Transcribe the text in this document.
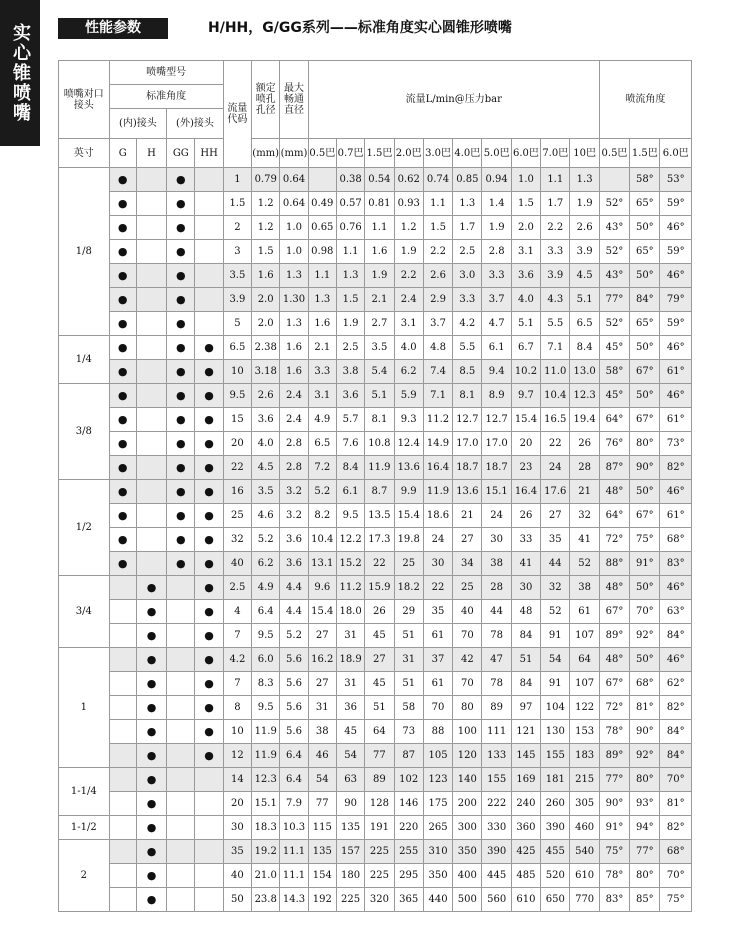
实心锥喷嘴	性能参数	H/HH，G/GG系列——标准角度实心圆锥形喷嘴
喷嘴对口接头	喷嘴型号				流量代码	额定喷孔孔径	最大畅通直径	流量L/min@压力bar										喷流角度		
	标准角度																			
	(内)接头		(外)接头																	
英寸	G	H	GG	HH		(mm)	(mm)	0.5巴	0.7巴	1.5巴	2.0巴	3.0巴	4.0巴	5.0巴	6.0巴	7.0巴	10巴	0.5巴	1.5巴	6.0巴
1/8	●		●		1	0.79	0.64		0.38	0.54	0.62	0.74	0.85	0.94	1.0	1.1	1.3		58°	53°
	●		●		1.5	1.2	0.64	0.49	0.57	0.81	0.93	1.1	1.3	1.4	1.5	1.7	1.9	52°	65°	59°
	●		●		2	1.2	1.0	0.65	0.76	1.1	1.2	1.5	1.7	1.9	2.0	2.2	2.6	43°	50°	46°
	●		●		3	1.5	1.0	0.98	1.1	1.6	1.9	2.2	2.5	2.8	3.1	3.3	3.9	52°	65°	59°
	●		●		3.5	1.6	1.3	1.1	1.3	1.9	2.2	2.6	3.0	3.3	3.6	3.9	4.5	43°	50°	46°
	●		●		3.9	2.0	1.30	1.3	1.5	2.1	2.4	2.9	3.3	3.7	4.0	4.3	5.1	77°	84°	79°
	●		●		5	2.0	1.3	1.6	1.9	2.7	3.1	3.7	4.2	4.7	5.1	5.5	6.5	52°	65°	59°
1/4	●		●	●	6.5	2.38	1.6	2.1	2.5	3.5	4.0	4.8	5.5	6.1	6.7	7.1	8.4	45°	50°	46°
	●		●	●	10	3.18	1.6	3.3	3.8	5.4	6.2	7.4	8.5	9.4	10.2	11.0	13.0	58°	67°	61°
3/8	●		●	●	9.5	2.6	2.4	3.1	3.6	5.1	5.9	7.1	8.1	8.9	9.7	10.4	12.3	45°	50°	46°
	●		●	●	15	3.6	2.4	4.9	5.7	8.1	9.3	11.2	12.7	12.7	15.4	16.5	19.4	64°	67°	61°
	●		●	●	20	4.0	2.8	6.5	7.6	10.8	12.4	14.9	17.0	17.0	20	22	26	76°	80°	73°
	●		●	●	22	4.5	2.8	7.2	8.4	11.9	13.6	16.4	18.7	18.7	23	24	28	87°	90°	82°
1/2	●		●	●	16	3.5	3.2	5.2	6.1	8.7	9.9	11.9	13.6	15.1	16.4	17.6	21	48°	50°	46°
	●		●	●	25	4.6	3.2	8.2	9.5	13.5	15.4	18.6	21	24	26	27	32	64°	67°	61°
	●		●	●	32	5.2	3.6	10.4	12.2	17.3	19.8	24	27	30	33	35	41	72°	75°	68°
	●		●	●	40	6.2	3.6	13.1	15.2	22	25	30	34	38	41	44	52	88°	91°	83°
3/4		●		●	2.5	4.9	4.4	9.6	11.2	15.9	18.2	22	25	28	30	32	38	48°	50°	46°
		●		●	4	6.4	4.4	15.4	18.0	26	29	35	40	44	48	52	61	67°	70°	63°
		●		●	7	9.5	5.2	27	31	45	51	61	70	78	84	91	107	89°	92°	84°
1		●		●	4.2	6.0	5.6	16.2	18.9	27	31	37	42	47	51	54	64	48°	50°	46°
		●		●	7	8.3	5.6	27	31	45	51	61	70	78	84	91	107	67°	68°	62°
		●		●	8	9.5	5.6	31	36	51	58	70	80	89	97	104	122	72°	81°	82°
		●		●	10	11.9	5.6	38	45	64	73	88	100	111	121	130	153	78°	90°	84°
		●		●	12	11.9	6.4	46	54	77	87	105	120	133	145	155	183	89°	92°	84°
1-1/4		●			14	12.3	6.4	54	63	89	102	123	140	155	169	181	215	77°	80°	70°
		●			20	15.1	7.9	77	90	128	146	175	200	222	240	260	305	90°	93°	81°
1-1/2		●			30	18.3	10.3	115	135	191	220	265	300	330	360	390	460	91°	94°	82°
2		●			35	19.2	11.1	135	157	225	255	310	350	390	425	455	540	75°	77°	68°
		●			40	21.0	11.1	154	180	225	295	350	400	445	485	520	610	78°	80°	70°
		●			50	23.8	14.3	192	225	320	365	440	500	560	610	650	770	83°	85°	75°
